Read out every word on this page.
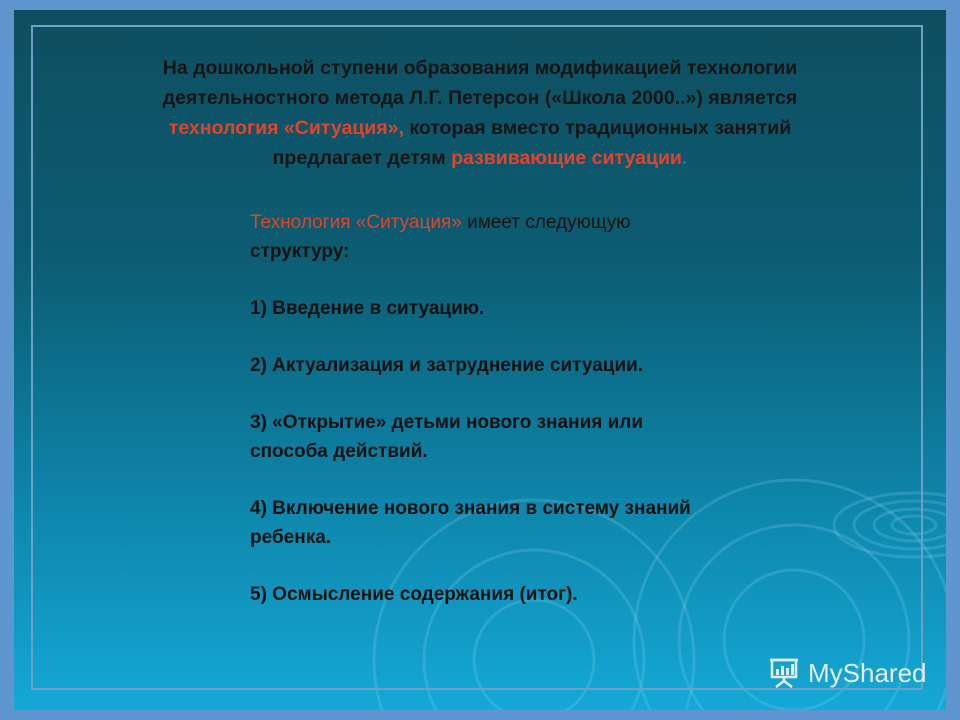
На дошкольной ступени образования модификацией технологии деятельностного метода Л.Г. Петерсон («Школа 2000..») является технология «Ситуация», которая вместо традиционных занятий предлагает детям развивающие ситуации.

Технология «Ситуация» имеет следующую структуру:

1) Введение в ситуацию.

2) Актуализация и затруднение ситуации.

3) «Открытие» детьми нового знания или способа действий.

4) Включение нового знания в систему знаний ребенка.

5) Осмысление содержания (итог).

MyShared
